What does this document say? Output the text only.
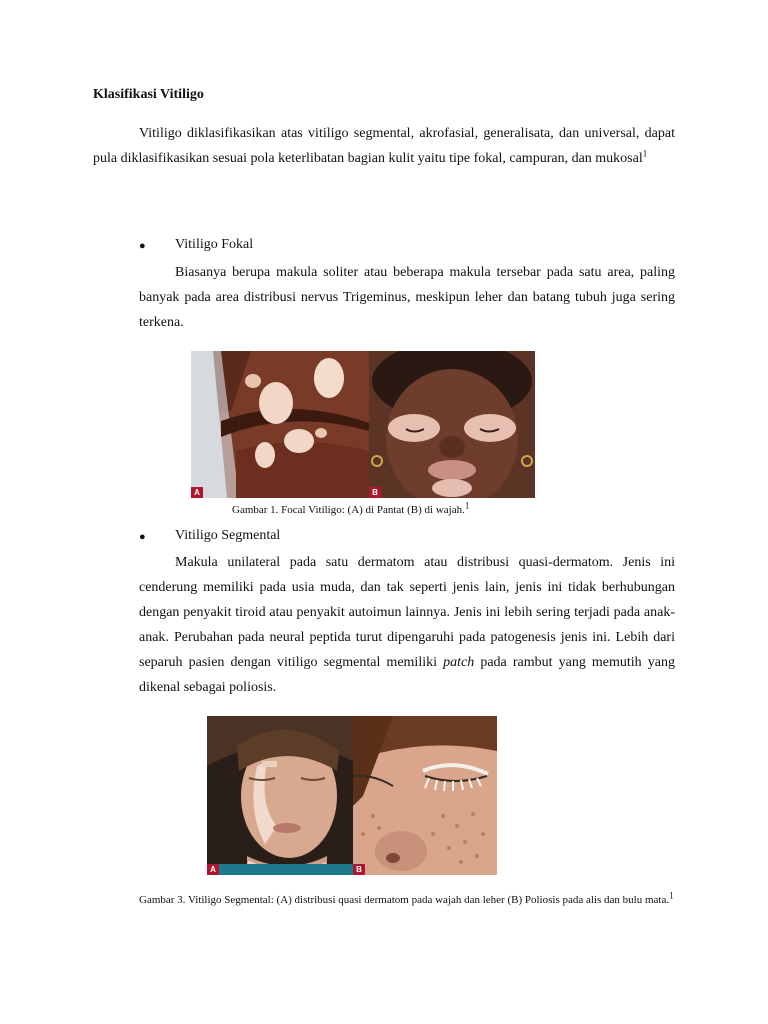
Klasifikasi Vitiligo
Vitiligo diklasifikasikan atas vitiligo segmental, akrofasial, generalisata, dan universal, dapat pula diklasifikasikan sesuai pola keterlibatan bagian kulit yaitu tipe fokal, campuran, dan mukosal$^1$
● Vitiligo Fokal
Biasanya berupa makula soliter atau beberapa makula tersebar pada satu area, paling banyak pada area distribusi nervus Trigeminus, meskipun leher dan batang tubuh juga sering terkena.
A	B
Gambar 1. Focal Vitiligo: (A) di Pantat (B) di wajah.$^1$
● Vitiligo Segmental
Makula unilateral pada satu dermatom atau distribusi quasi-dermatom. Jenis ini cenderung memiliki pada usia muda, dan tak seperti jenis lain, jenis ini tidak berhubungan dengan penyakit tiroid atau penyakit autoimun lainnya. Jenis ini lebih sering terjadi pada anak-anak. Perubahan pada neural peptida turut dipengaruhi pada patogenesis jenis ini. Lebih dari separuh pasien dengan vitiligo segmental memiliki patch pada rambut yang memutih yang dikenal sebagai poliosis.
A	B
Gambar 3. Vitiligo Segmental: (A) distribusi quasi dermatom pada wajah dan leher (B) Poliosis pada alis dan bulu mata.$^1$
